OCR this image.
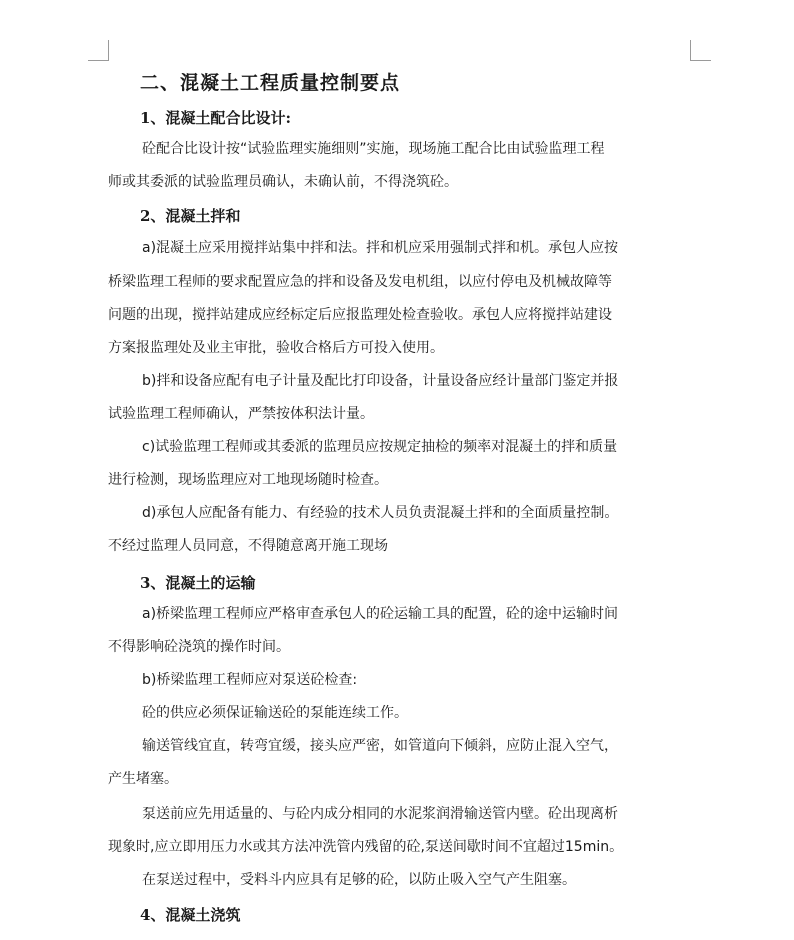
二、混凝土工程质量控制要点
1、混凝土配合比设计:
砼配合比设计按“试验监理实施细则”实施，现场施工配合比由试验监理工程
师或其委派的试验监理员确认，未确认前，不得浇筑砼。
2、混凝土拌和
a)混凝土应采用搅拌站集中拌和法。拌和机应采用强制式拌和机。承包人应按
桥梁监理工程师的要求配置应急的拌和设备及发电机组，以应付停电及机械故障等
问题的出现，搅拌站建成应经标定后应报监理处检查验收。承包人应将搅拌站建设
方案报监理处及业主审批，验收合格后方可投入使用。
b)拌和设备应配有电子计量及配比打印设备，计量设备应经计量部门鉴定并报
试验监理工程师确认，严禁按体积法计量。
c)试验监理工程师或其委派的监理员应按规定抽检的频率对混凝土的拌和质量
进行检测，现场监理应对工地现场随时检查。
d)承包人应配备有能力、有经验的技术人员负责混凝土拌和的全面质量控制。
不经过监理人员同意，不得随意离开施工现场
3、混凝土的运输
a)桥梁监理工程师应严格审查承包人的砼运输工具的配置，砼的途中运输时间
不得影响砼浇筑的操作时间。
b)桥梁监理工程师应对泵送砼检查:
砼的供应必须保证输送砼的泵能连续工作。
输送管线宜直，转弯宜缓，接头应严密，如管道向下倾斜，应防止混入空气，
产生堵塞。
泵送前应先用适量的、与砼内成分相同的水泥浆润滑输送管内壁。砼出现离析
现象时,应立即用压力水或其方法冲洗管内残留的砼,泵送间歇时间不宜超过15min。
在泵送过程中，受料斗内应具有足够的砼，以防止吸入空气产生阻塞。
4、混凝土浇筑
